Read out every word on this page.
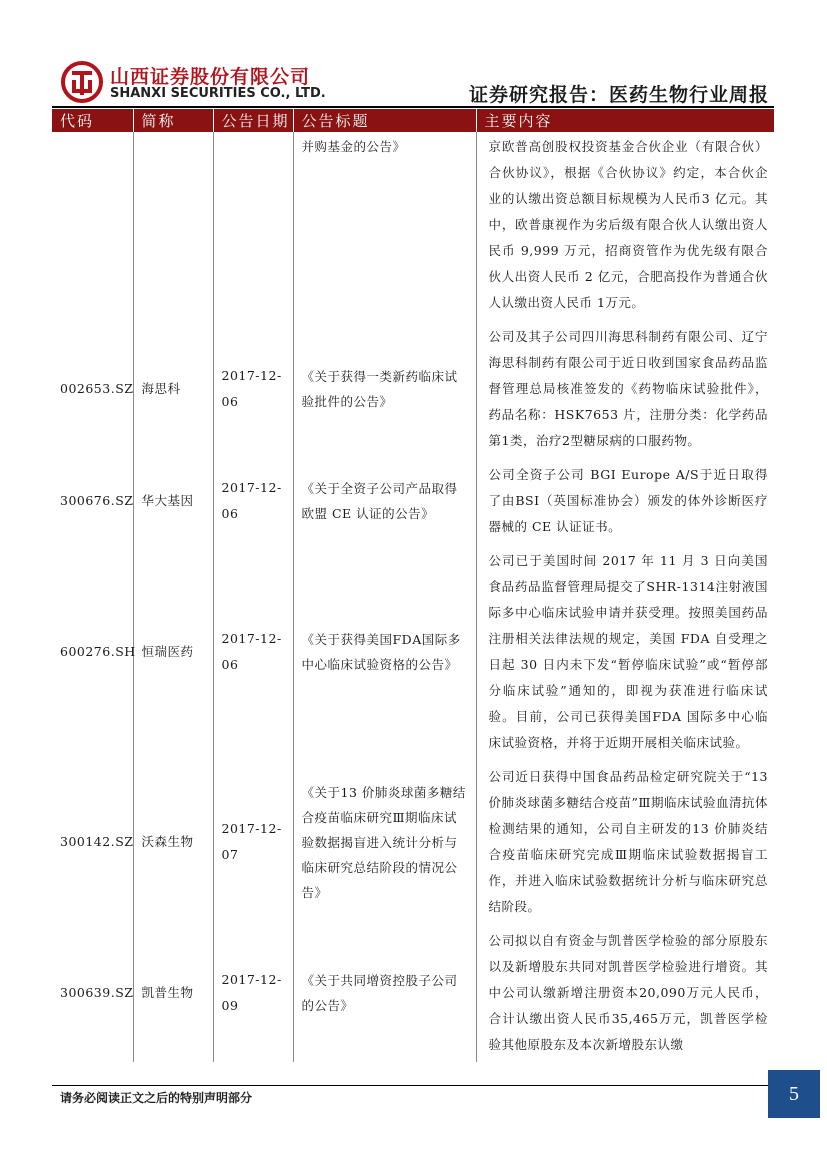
山西证券股份有限公司
SHANXI SECURITIES CO., LTD.	证券研究报告：医药生物行业周报
代码	简称	公告日期	公告标题	主要内容
			并购基金的公告》	京欧普高创股权投资基金合伙企业（有限合伙）合伙协议》，根据《合伙协议》约定，本合伙企业的认缴出资总额目标规模为人民币3 亿元。其中，欧普康视作为劣后级有限合伙人认缴出资人民币 9,999 万元，招商资管作为优先级有限合伙人出资人民币 2 亿元，合肥高投作为普通合伙人认缴出资人民币 1万元。
002653.SZ	海思科	2017-12-06	《关于获得一类新药临床试验批件的公告》	公司及其子公司四川海思科制药有限公司、辽宁海思科制药有限公司于近日收到国家食品药品监督管理总局核准签发的《药物临床试验批件》，药品名称：HSK7653 片，注册分类：化学药品第1类，治疗2型糖尿病的口服药物。
300676.SZ	华大基因	2017-12-06	《关于全资子公司产品取得欧盟 CE 认证的公告》	公司全资子公司 BGI Europe A/S于近日取得了由BSI（英国标准协会）颁发的体外诊断医疗器械的 CE 认证证书。
600276.SH	恒瑞医药	2017-12-06	《关于获得美国FDA国际多中心临床试验资格的公告》	公司已于美国时间 2017 年 11 月 3 日向美国食品药品监督管理局提交了SHR-1314注射液国际多中心临床试验申请并获受理。按照美国药品注册相关法律法规的规定，美国 FDA 自受理之日起 30 日内未下发“暂停临床试验”或“暂停部分临床试验”通知的，即视为获准进行临床试验。目前，公司已获得美国FDA 国际多中心临床试验资格，并将于近期开展相关临床试验。
300142.SZ	沃森生物	2017-12-07	《关于13 价肺炎球菌多糖结合疫苗临床研究Ⅲ期临床试验数据揭盲进入统计分析与临床研究总结阶段的情况公告》	公司近日获得中国食品药品检定研究院关于“13 价肺炎球菌多糖结合疫苗”Ⅲ期临床试验血清抗体检测结果的通知，公司自主研发的13 价肺炎结合疫苗临床研究完成Ⅲ期临床试验数据揭盲工作，并进入临床试验数据统计分析与临床研究总结阶段。
300639.SZ	凯普生物	2017-12-09	《关于共同增资控股子公司的公告》	公司拟以自有资金与凯普医学检验的部分原股东以及新增股东共同对凯普医学检验进行增资。其中公司认缴新增注册资本20,090万元人民币，合计认缴出资人民币35,465万元，凯普医学检验其他原股东及本次新增股东认缴
请务必阅读正文之后的特别声明部分	5
